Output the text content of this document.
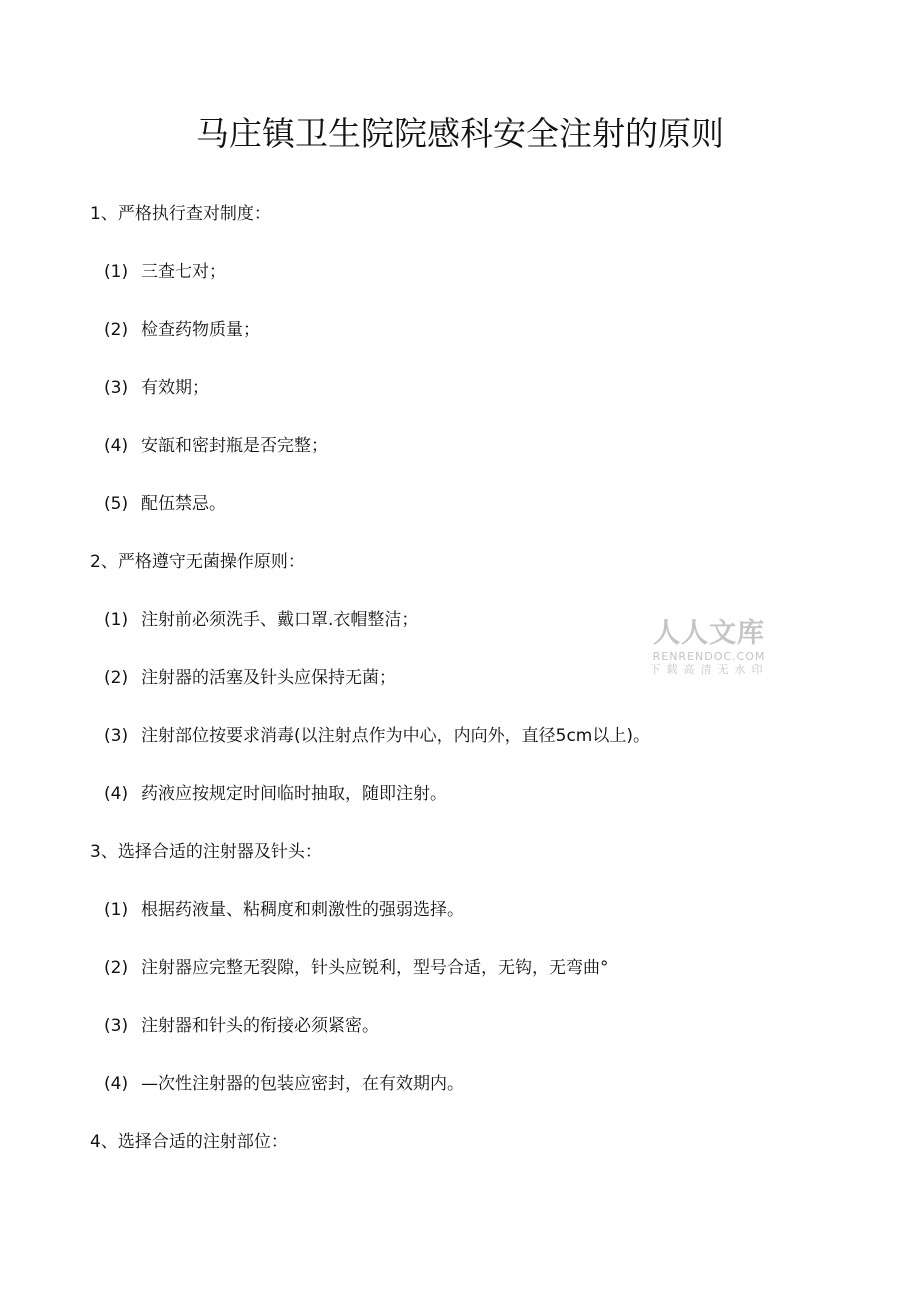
马庄镇卫生院院感科安全注射的原则
1、严格执行查对制度：
(1) 三查七对；
(2) 检查药物质量；
(3) 有效期；
(4) 安瓿和密封瓶是否完整；
(5) 配伍禁忌。
2、严格遵守无菌操作原则：
(1) 注射前必须洗手、戴口罩.衣帽整洁；
(2) 注射器的活塞及针头应保持无菌；
(3) 注射部位按要求消毒(以注射点作为中心，内向外，直径5cm以上)。
(4) 药液应按规定时间临时抽取，随即注射。
3、选择合适的注射器及针头：
(1) 根据药液量、粘稠度和刺激性的强弱选择。
(2) 注射器应完整无裂隙，针头应锐利，型号合适，无钩，无弯曲°
(3) 注射器和针头的衔接必须紧密。
(4) —次性注射器的包装应密封，在有效期内。
4、选择合适的注射部位：
人人文库
RENRENDOC.COM
下载高清无水印
